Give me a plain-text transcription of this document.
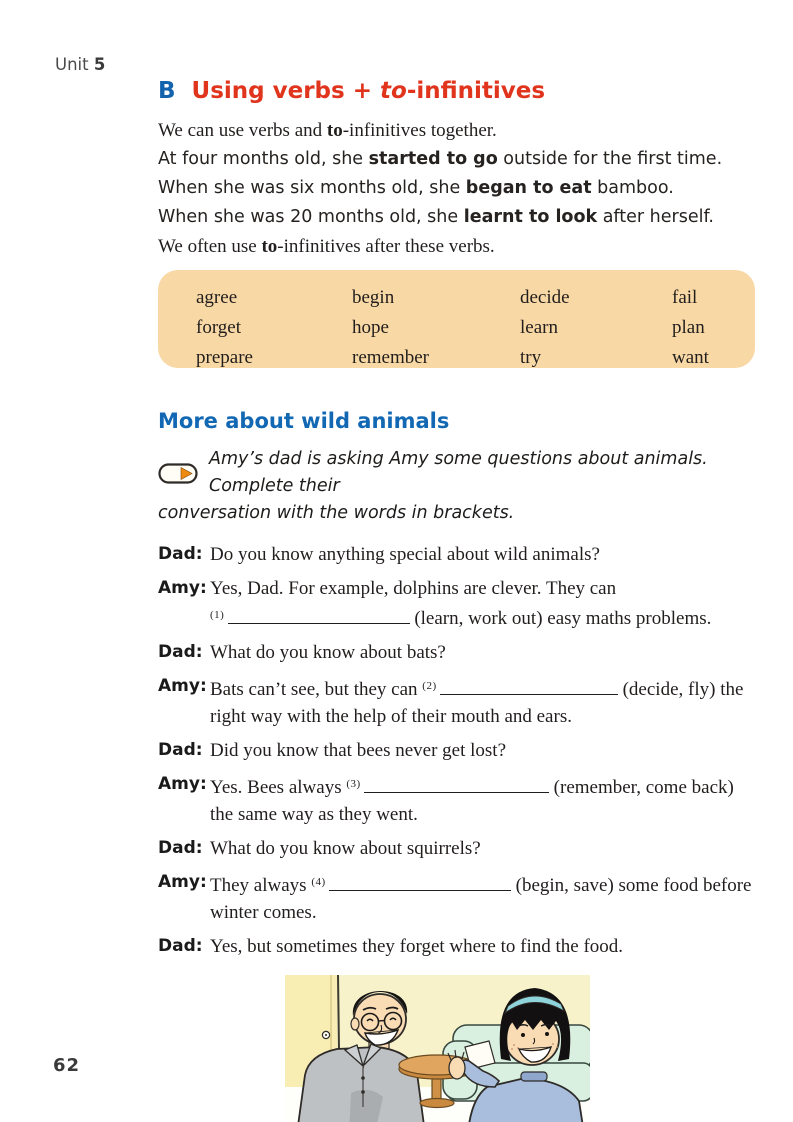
Unit 5
B Using verbs + to-infinitives
We can use verbs and to-infinitives together.
At four months old, she started to go outside for the first time.
When she was six months old, she began to eat bamboo.
When she was 20 months old, she learnt to look after herself.
We often use to-infinitives after these verbs.
agree	begin	decide	fail
forget	hope	learn	plan
prepare	remember	try	want
More about wild animals
Amy’s dad is asking Amy some questions about animals. Complete their
conversation with the words in brackets.
Dad: Do you know anything special about wild animals?
Amy: Yes, Dad. For example, dolphins are clever. They can
$^{(1)}$	(learn, work out) easy maths problems.
Dad: What do you know about bats?
Amy: Bats can’t see, but they can $^{(2)}$	(decide, fly) the
right way with the help of their mouth and ears.
Dad: Did you know that bees never get lost?
Amy: Yes. Bees always $^{(3)}$	(remember, come back)
the same way as they went.
Dad: What do you know about squirrels?
Amy: They always $^{(4)}$	(begin, save) some food before
winter comes.
Dad: Yes, but sometimes they forget where to find the food.
62
